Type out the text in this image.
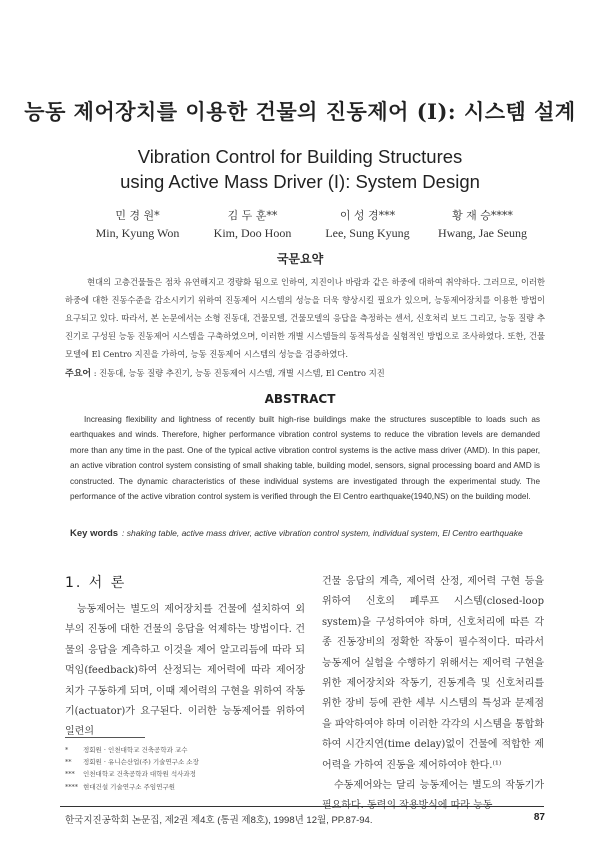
능동 제어장치를 이용한 건물의 진동제어 (I): 시스템 설계
Vibration Control for Building Structures
using Active Mass Driver (I): System Design
민 경 원*
Min, Kyung Won
김 두 훈**
Kim, Doo Hoon
이 성 경***
Lee, Sung Kyung
황 재 승****
Hwang, Jae Seung
국문요약
현대의 고층건물들은 점차 유연해지고 경량화 됨으로 인하여, 지진이나 바람과 같은 하중에 대하여 취약하다. 그러므로, 이러한 하중에 대한 진동수준을 감소시키기 위하여 진동제어 시스템의 성능을 더욱 향상시킬 필요가 있으며, 능동제어장치를 이용한 방법이 요구되고 있다. 따라서, 본 논문에서는 소형 진동대, 건물모델, 건물모델의 응답을 측정하는 센서, 신호처리 보드 그리고, 능동 질량 추진기로 구성된 능동 진동제어 시스템을 구축하였으며, 이러한 개별 시스템들의 동적특성을 실험적인 방법으로 조사하였다. 또한, 건물모델에 El Centro 지진을 가하여, 능동 진동제어 시스템의 성능을 검증하였다.
주요어 : 진동대, 능동 질량 추진기, 능동 진동제어 시스템, 개별 시스템, El Centro 지진
ABSTRACT
Increasing flexibility and lightness of recently built high-rise buildings make the structures susceptible to loads such as earthquakes and winds. Therefore, higher performance vibration control systems to reduce the vibration levels are demanded more than any time in the past. One of the typical active vibration control systems is the active mass driver (AMD). In this paper, an active vibration control system consisting of small shaking table, building model, sensors, signal processing board and AMD is constructed. The dynamic characteristics of these individual systems are investigated through the experimental study. The performance of the active vibration control system is verified through the El Centro earthquake(1940,NS) on the building model.
Key words : shaking table, active mass driver, active vibration control system, individual system, El Centro earthquake
1. 서 론
능동제어는 별도의 제어장치를 건물에 설치하여 외부의 진동에 대한 건물의 응답을 억제하는 방법이다. 건물의 응답을 계측하고 이것을 제어 알고리듬에 따라 되먹임(feedback)하여 산정되는 제어력에 따라 제어장치가 구동하게 되며, 이때 제어력의 구현을 위하여 작동기(actuator)가 요구된다. 이러한 능동제어를 위하여 일련의

건물 응답의 계측, 제어력 산정, 제어력 구현 등을 위하여 신호의 폐루프 시스템(closed-loop system)을 구성하여야 하며, 신호처리에 따른 각종 진동장비의 정확한 작동이 필수적이다. 따라서 능동제어 실험을 수행하기 위해서는 제어력 구현을 위한 제어장치와 작동기, 진동계측 및 신호처리를 위한 장비 등에 관한 세부 시스템의 특성과 문제점을 파악하여야 하며 이러한 각각의 시스템을 통합화하여 시간지연(time delay)없이 건물에 적합한 제어력을 가하여 진동을 제어하여야 한다.⁽¹⁾

수동제어와는 달리 능동제어는 별도의 작동기가 필요하다. 동력의 작용방식에 따라 능동

*	정회원 · 인천대학교 건축공학과 교수
**	정회원 · 유니슨산업(주) 기술연구소 소장
***	인천대학교 건축공학과 대학원 석사과정
**** 현대건설 기술연구소 주임연구원
한국지진공학회 논문집, 제2권 제4호 (통권 제8호), 1998년 12월, PP.87-94.	87
